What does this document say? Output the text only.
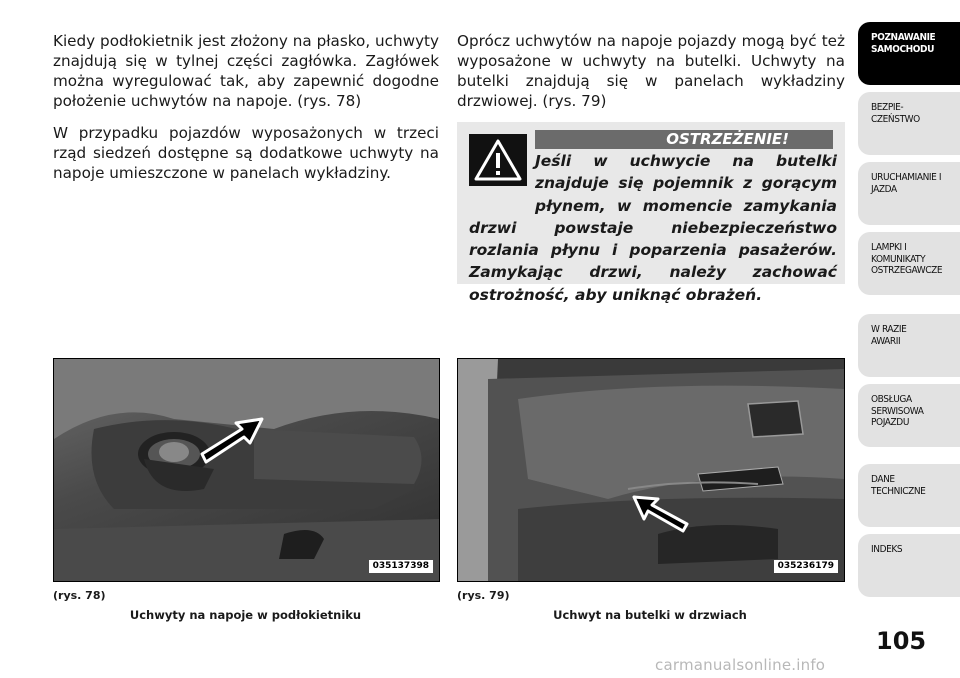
Kiedy podłokietnik jest złożony na płasko, uchwyty znajdują się w tylnej części zagłówka. Zagłówek można wyregulować tak, aby zapewnić dogodne położenie uchwytów na napoje. (rys. 78)

W przypadku pojazdów wyposażonych w trzeci rząd siedzeń dostępne są dodatkowe uchwyty na napoje umieszczone w panelach wykładziny.

Oprócz uchwytów na napoje pojazdy mogą być też wyposażone w uchwyty na butelki. Uchwyty na butelki znajdują się w panelach wykładziny drzwiowej. (rys. 79)

OSTRZEŻENIE!
Jeśli w uchwycie na butelki znajduje się pojemnik z gorącym płynem, w momencie zamykania drzwi powstaje niebezpieczeństwo rozlania płynu i poparzenia pasażerów. Zamykając drzwi, należy zachować ostrożność, aby uniknąć obrażeń.
035137398
(rys. 78)
Uchwyty na napoje w podłokietniku
035236179
(rys. 79)
Uchwyt na butelki w drzwiach
POZNAWANIE SAMOCHODU
BEZPIE- CZEŃSTWO
URUCHAMIANIE I JAZDA
LAMPKI I KOMUNIKATY OSTRZEGAWCZE
W RAZIE AWARII
OBSŁUGA SERWISOWA POJAZDU
DANE TECHNICZNE
INDEKS
105
carmanualsonline.info
